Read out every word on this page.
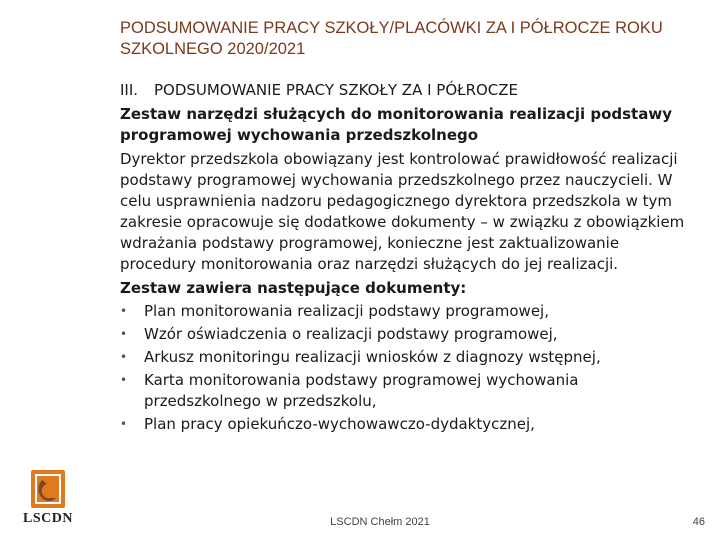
PODSUMOWANIE PRACY SZKOŁY/PLACÓWKI ZA I PÓŁROCZE ROKU SZKOLNEGO 2020/2021

III. PODSUMOWANIE PRACY SZKOŁY ZA I PÓŁROCZE

Zestaw narzędzi służących do monitorowania realizacji podstawy programowej wychowania przedszkolnego

Dyrektor przedszkola obowiązany jest kontrolować prawidłowość realizacji podstawy programowej wychowania przedszkolnego przez nauczycieli. W celu usprawnienia nadzoru pedagogicznego dyrektora przedszkola w tym zakresie opracowuje się dodatkowe dokumenty – w związku z obowiązkiem wdrażania podstawy programowej, konieczne jest zaktualizowanie procedury monitorowania oraz narzędzi służących do jej realizacji.

Zestaw zawiera następujące dokumenty:

•	Plan monitorowania realizacji podstawy programowej,
•	Wzór oświadczenia o realizacji podstawy programowej,
•	Arkusz monitoringu realizacji wniosków z diagnozy wstępnej,
•	Karta monitorowania podstawy programowej wychowania przedszkolnego w przedszkolu,
•	Plan pracy opiekuńczo-wychowawczo-dydaktycznej,
LSCDN	LSCDN Chełm 2021	46
